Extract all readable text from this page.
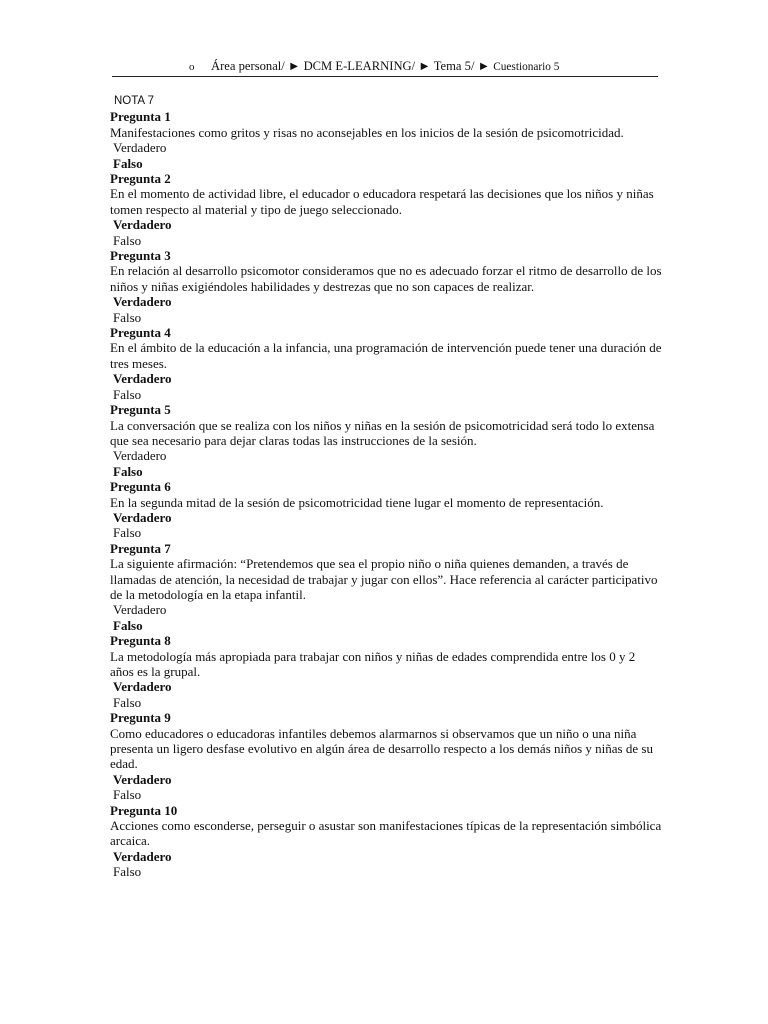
o Área personal/ ► DCM E-LEARNING/ ► Tema 5/ ► Cuestionario 5
NOTA 7
Pregunta 1
Manifestaciones como gritos y risas no aconsejables en los inicios de la sesión de psicomotricidad.
Verdadero
Falso
Pregunta 2
En el momento de actividad libre, el educador o educadora respetará las decisiones que los niños y niñas tomen respecto al material y tipo de juego seleccionado.
Verdadero
Falso
Pregunta 3
En relación al desarrollo psicomotor consideramos que no es adecuado forzar el ritmo de desarrollo de los niños y niñas exigiéndoles habilidades y destrezas que no son capaces de realizar.
Verdadero
Falso
Pregunta 4
En el ámbito de la educación a la infancia, una programación de intervención puede tener una duración de tres meses.
Verdadero
Falso
Pregunta 5
La conversación que se realiza con los niños y niñas en la sesión de psicomotricidad será todo lo extensa que sea necesario para dejar claras todas las instrucciones de la sesión.
Verdadero
Falso
Pregunta 6
En la segunda mitad de la sesión de psicomotricidad tiene lugar el momento de representación.
Verdadero
Falso
Pregunta 7
La siguiente afirmación: “Pretendemos que sea el propio niño o niña quienes demanden, a través de llamadas de atención, la necesidad de trabajar y jugar con ellos”. Hace referencia al carácter participativo de la metodología en la etapa infantil.
Verdadero
Falso
Pregunta 8
La metodología más apropiada para trabajar con niños y niñas de edades comprendida entre los 0 y 2 años es la grupal.
Verdadero
Falso
Pregunta 9
Como educadores o educadoras infantiles debemos alarmarnos si observamos que un niño o una niña presenta un ligero desfase evolutivo en algún área de desarrollo respecto a los demás niños y niñas de su edad.
Verdadero
Falso
Pregunta 10
Acciones como esconderse, perseguir o asustar son manifestaciones típicas de la representación simbólica arcaica.
Verdadero
Falso
